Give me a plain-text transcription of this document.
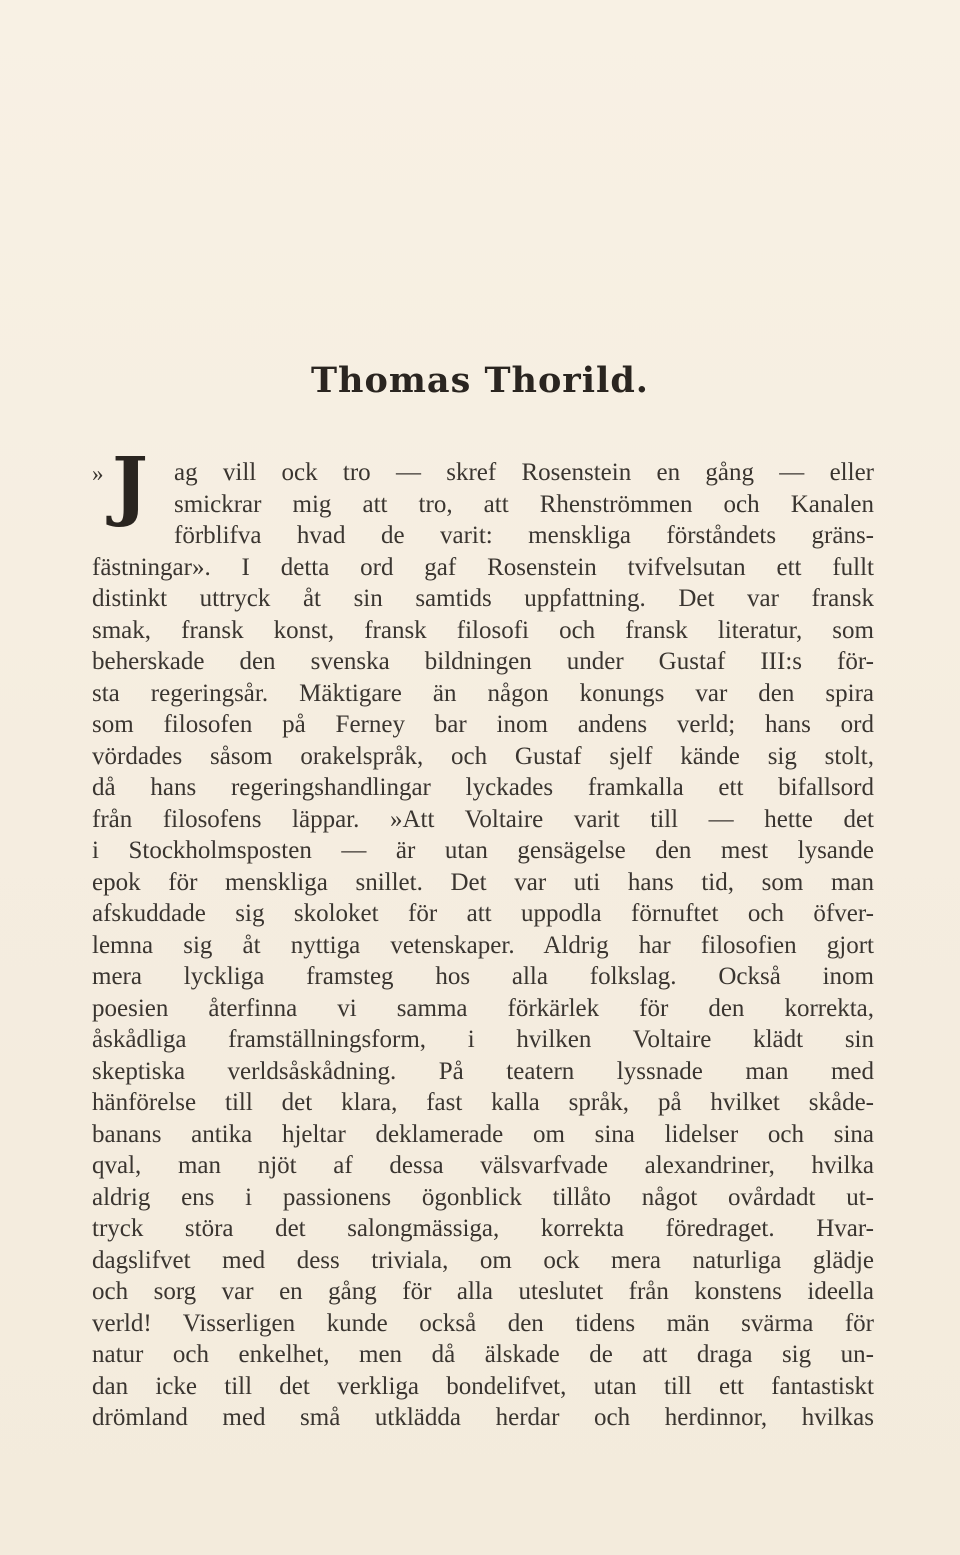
Thomas Thorild.
» J	ag vill ock tro — skref Rosenstein en gång — eller
smickrar mig att tro, att Rhenströmmen och Kanalen
förblifva hvad de varit: menskliga förståndets gräns-
fästningar». I detta ord gaf Rosenstein tvifvelsutan ett fullt
distinkt uttryck åt sin samtids uppfattning. Det var fransk
smak, fransk konst, fransk filosofi och fransk literatur, som
beherskade den svenska bildningen under Gustaf III:s för-
sta regeringsår. Mäktigare än någon konungs var den spira
som filosofen på Ferney bar inom andens verld; hans ord
vördades såsom orakelspråk, och Gustaf sjelf kände sig stolt,
då hans regeringshandlingar lyckades framkalla ett bifallsord
från filosofens läppar. »Att Voltaire varit till — hette det
i Stockholmsposten — är utan gensägelse den mest lysande
epok för menskliga snillet. Det var uti hans tid, som man
afskuddade sig skoloket för att uppodla förnuftet och öfver-
lemna sig åt nyttiga vetenskaper. Aldrig har filosofien gjort
mera lyckliga framsteg hos alla folkslag. Också inom
poesien återfinna vi samma förkärlek för den korrekta,
åskådliga framställningsform, i hvilken Voltaire klädt sin
skeptiska verldsåskådning. På teatern lyssnade man med
hänförelse till det klara, fast kalla språk, på hvilket skåde-
banans antika hjeltar deklamerade om sina lidelser och sina
qval, man njöt af dessa välsvarfvade alexandriner, hvilka
aldrig ens i passionens ögonblick tillåto något ovårdadt ut-
tryck störa det salongmässiga, korrekta föredraget. Hvar-
dagslifvet med dess triviala, om ock mera naturliga glädje
och sorg var en gång för alla uteslutet från konstens ideella
verld! Visserligen kunde också den tidens män svärma för
natur och enkelhet, men då älskade de att draga sig un-
dan icke till det verkliga bondelifvet, utan till ett fantastiskt
drömland med små utklädda herdar och herdinnor, hvilkas
